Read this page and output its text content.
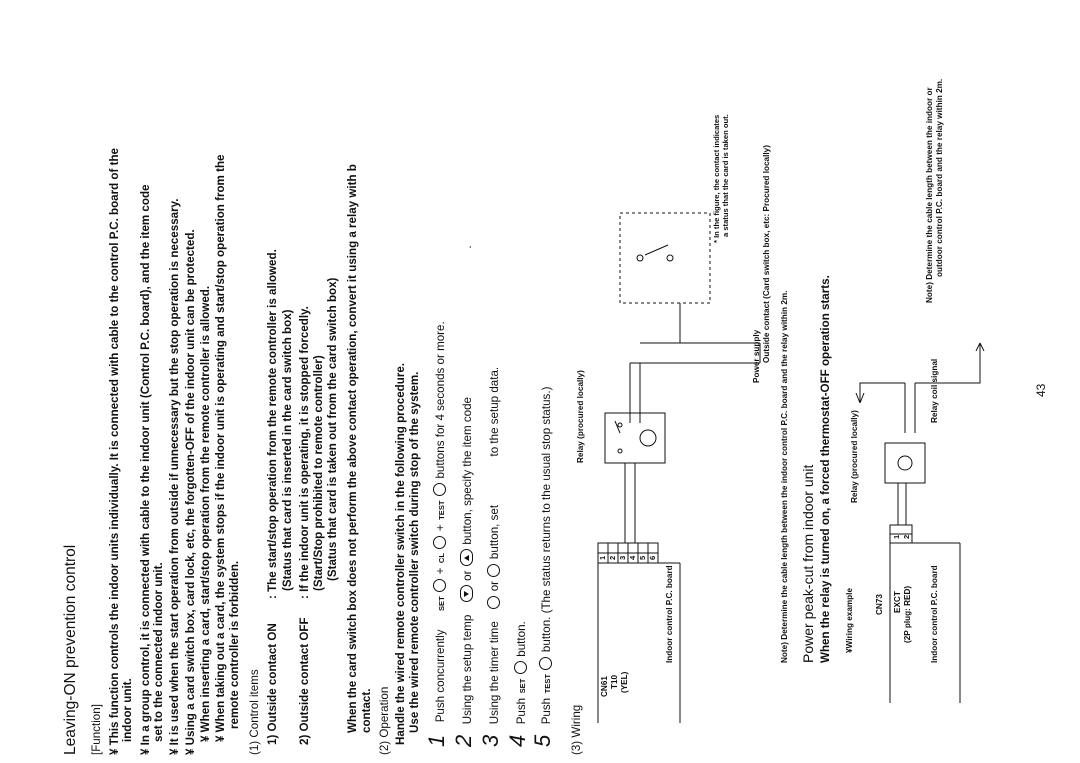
Leaving-ON prevention control [Function] ¥ This function controls the indoor units individually. It is connected with cable to the control P.C. board of the indoor unit. ¥ In a group control, it is connected with cable to the indoor unit (Control P.C. board), and the item code set to the connected indoor unit. ¥ It is used when the start operation from outside if unnecessary but the stop operation is necessary. ¥ Using a card switch box, card lock, etc, the forgotten-OFF of the indoor unit can be protected. ¥ When inserting a card, start/stop operation from the remote controller is allowed. ¥ When taking out a card, the system stops if the indoor unit is operating and start/stop operation from the remote controller is forbidden. (1) Control items 1) Outside contact ON
: The start/stop operation from the remote controller is allowed. (Status that card is inserted in the card switch box)
2) Outside contact OFF
: If the indoor unit is operating, it is stopped forcedly. (Start/Stop prohibited to remote controller) (Status that card is taken out from the card switch box) When the card switch box does not perform the above contact operation, convert it using a relay with b contact. (2) Operation Handle the wired remote controller switch in the following procedure. Use the wired remote controller switch during stop of the system.
1 Push concurrently SET  + CL  + TEST  buttons for 4 seconds or more.
2 Using the setup temp  or  button, specify the item code .
3 Using the timer time  or  button, set to the setup data.
4 Push SET  button.
5 Push TEST  button. (The status returns to the usual stop status.)
(3) Wiring
CN61 T10 (YEL)
1 2 3 4 5 6
Indoor control P.C. board
Relay (procured locally)
Power supply Outside contact (Card switch box, etc: Procured locally)
* In the figure, the contact indicates a status that the card is taken out.
Note) Determine the cable length between the indoor control P.C. board and the relay within 2m. Power peak-cut from indoor unit When the relay is turned on, a forced thermostat-OFF operation starts. ¥Wiring example	CN73 EXCT (2P plug: RED)
1 2
Indoor control P.C. board
Relay (procured locally)
Relay coil signal
Note) Determine the cable length between the indoor or outdoor control P.C. board and the relay within 2m.
43
